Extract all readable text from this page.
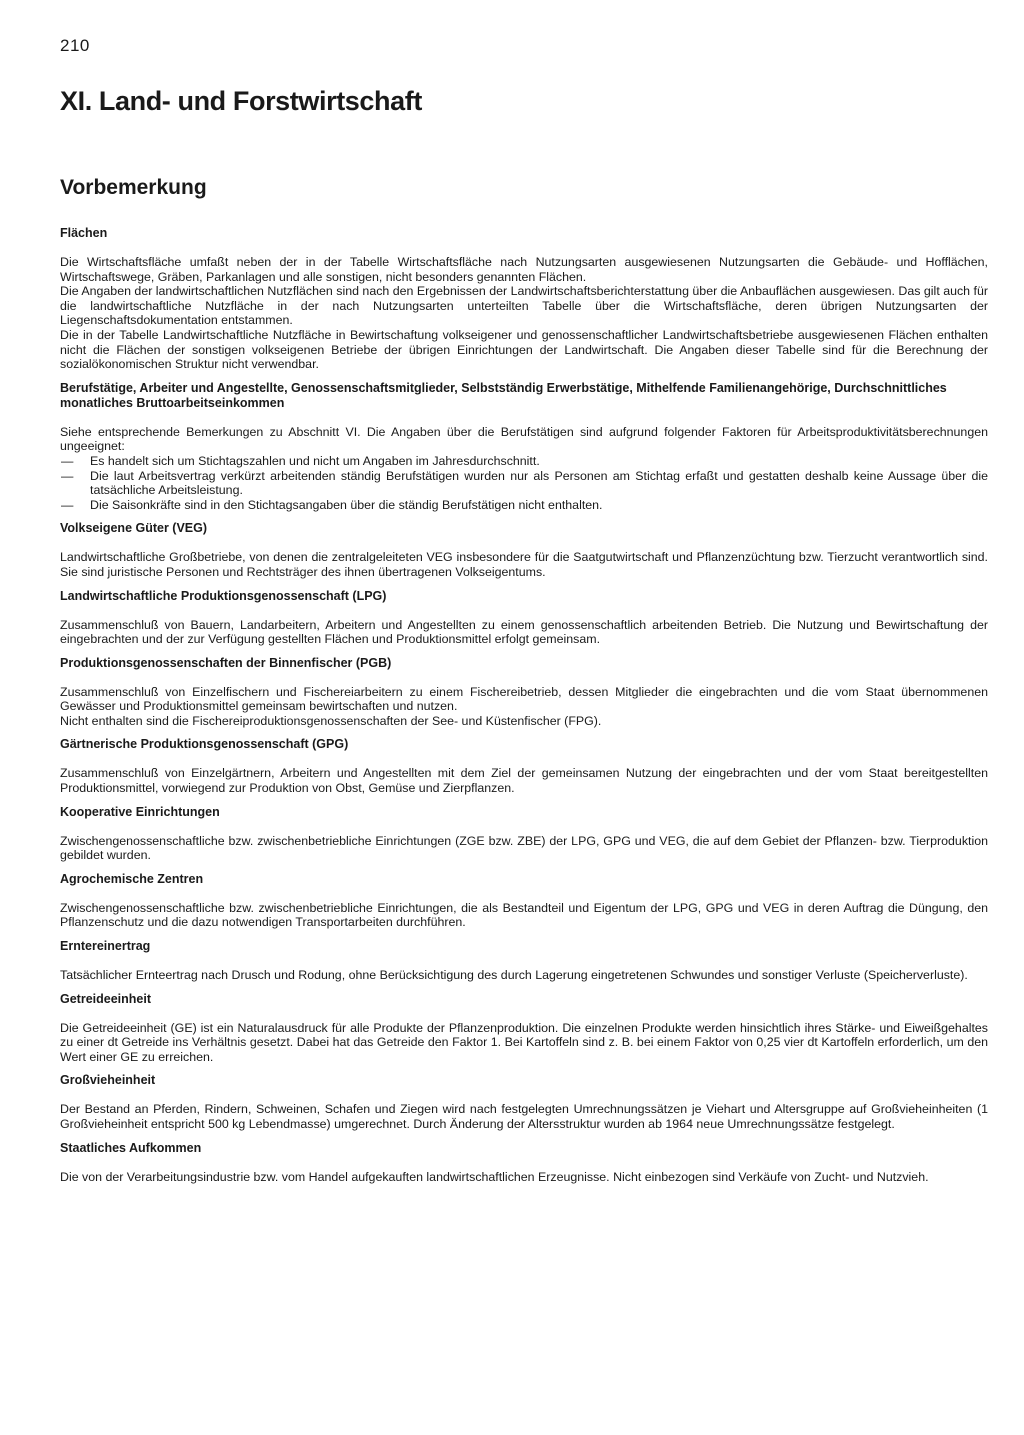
210
XI. Land- und Forstwirtschaft
Vorbemerkung
Flächen

Die Wirtschaftsfläche umfaßt neben der in der Tabelle Wirtschaftsfläche nach Nutzungsarten ausgewiesenen Nutzungsarten die Gebäude- und Hofflächen, Wirtschaftswege, Gräben, Parkanlagen und alle sonstigen, nicht besonders genannten Flächen.

Die Angaben der landwirtschaftlichen Nutzflächen sind nach den Ergebnissen der Landwirtschaftsberichterstattung über die Anbauflächen ausgewiesen. Das gilt auch für die landwirtschaftliche Nutzfläche in der nach Nutzungsarten unterteilten Tabelle über die Wirtschaftsfläche, deren übrigen Nutzungsarten der Liegenschaftsdokumentation entstammen.

Die in der Tabelle Landwirtschaftliche Nutzfläche in Bewirtschaftung volkseigener und genossenschaftlicher Landwirtschaftsbetriebe ausgewiesenen Flächen enthalten nicht die Flächen der sonstigen volkseigenen Betriebe der übrigen Einrichtungen der Landwirtschaft. Die Angaben dieser Tabelle sind für die Berechnung der sozialökonomischen Struktur nicht verwendbar.

Berufstätige, Arbeiter und Angestellte, Genossenschaftsmitglieder, Selbstständig Erwerbstätige, Mithelfende Familienangehörige, Durchschnittliches monatliches Bruttoarbeitseinkommen

Siehe entsprechende Bemerkungen zu Abschnitt VI. Die Angaben über die Berufstätigen sind aufgrund folgender Faktoren für Arbeitsproduktivitätsberechnungen ungeeignet:

— Es handelt sich um Stichtagszahlen und nicht um Angaben im Jahresdurchschnitt.
— Die laut Arbeitsvertrag verkürzt arbeitenden ständig Berufstätigen wurden nur als Personen am Stichtag erfaßt und gestatten deshalb keine Aussage über die tatsächliche Arbeitsleistung.
— Die Saisonkräfte sind in den Stichtagsangaben über die ständig Berufstätigen nicht enthalten.
Volkseigene Güter (VEG)

Landwirtschaftliche Großbetriebe, von denen die zentralgeleiteten VEG insbesondere für die Saatgutwirtschaft und Pflanzenzüchtung bzw. Tierzucht verantwortlich sind. Sie sind juristische Personen und Rechtsträger des ihnen übertragenen Volkseigentums.

Landwirtschaftliche Produktionsgenossenschaft (LPG)

Zusammenschluß von Bauern, Landarbeitern, Arbeitern und Angestellten zu einem genossenschaftlich arbeitenden Betrieb. Die Nutzung und Bewirtschaftung der eingebrachten und der zur Verfügung gestellten Flächen und Produktionsmittel erfolgt gemeinsam.

Produktionsgenossenschaften der Binnenfischer (PGB)

Zusammenschluß von Einzelfischern und Fischereiarbeitern zu einem Fischereibetrieb, dessen Mitglieder die eingebrachten und die vom Staat übernommenen Gewässer und Produktionsmittel gemeinsam bewirtschaften und nutzen.

Nicht enthalten sind die Fischereiproduktionsgenossenschaften der See- und Küstenfischer (FPG).

Gärtnerische Produktionsgenossenschaft (GPG)

Zusammenschluß von Einzelgärtnern, Arbeitern und Angestellten mit dem Ziel der gemeinsamen Nutzung der eingebrachten und der vom Staat bereitgestellten Produktionsmittel, vorwiegend zur Produktion von Obst, Gemüse und Zierpflanzen.

Kooperative Einrichtungen

Zwischengenossenschaftliche bzw. zwischenbetriebliche Einrichtungen (ZGE bzw. ZBE) der LPG, GPG und VEG, die auf dem Gebiet der Pflanzen- bzw. Tierproduktion gebildet wurden.

Agrochemische Zentren

Zwischengenossenschaftliche bzw. zwischenbetriebliche Einrichtungen, die als Bestandteil und Eigentum der LPG, GPG und VEG in deren Auftrag die Düngung, den Pflanzenschutz und die dazu notwendigen Transportarbeiten durchführen.

Erntereinertrag

Tatsächlicher Ernteertrag nach Drusch und Rodung, ohne Berücksichtigung des durch Lagerung eingetretenen Schwundes und sonstiger Verluste (Speicherverluste).

Getreideeinheit

Die Getreideeinheit (GE) ist ein Naturalausdruck für alle Produkte der Pflanzenproduktion. Die einzelnen Produkte werden hinsichtlich ihres Stärke- und Eiweißgehaltes zu einer dt Getreide ins Verhältnis gesetzt. Dabei hat das Getreide den Faktor 1. Bei Kartoffeln sind z. B. bei einem Faktor von 0,25 vier dt Kartoffeln erforderlich, um den Wert einer GE zu erreichen.

Großvieheinheit

Der Bestand an Pferden, Rindern, Schweinen, Schafen und Ziegen wird nach festgelegten Umrechnungssätzen je Viehart und Altersgruppe auf Großvieheinheiten (1 Großvieheinheit entspricht 500 kg Lebendmasse) umgerechnet. Durch Änderung der Altersstruktur wurden ab 1964 neue Umrechnungssätze festgelegt.

Staatliches Aufkommen

Die von der Verarbeitungsindustrie bzw. vom Handel aufgekauften landwirtschaftlichen Erzeugnisse. Nicht einbezogen sind Verkäufe von Zucht- und Nutzvieh.
